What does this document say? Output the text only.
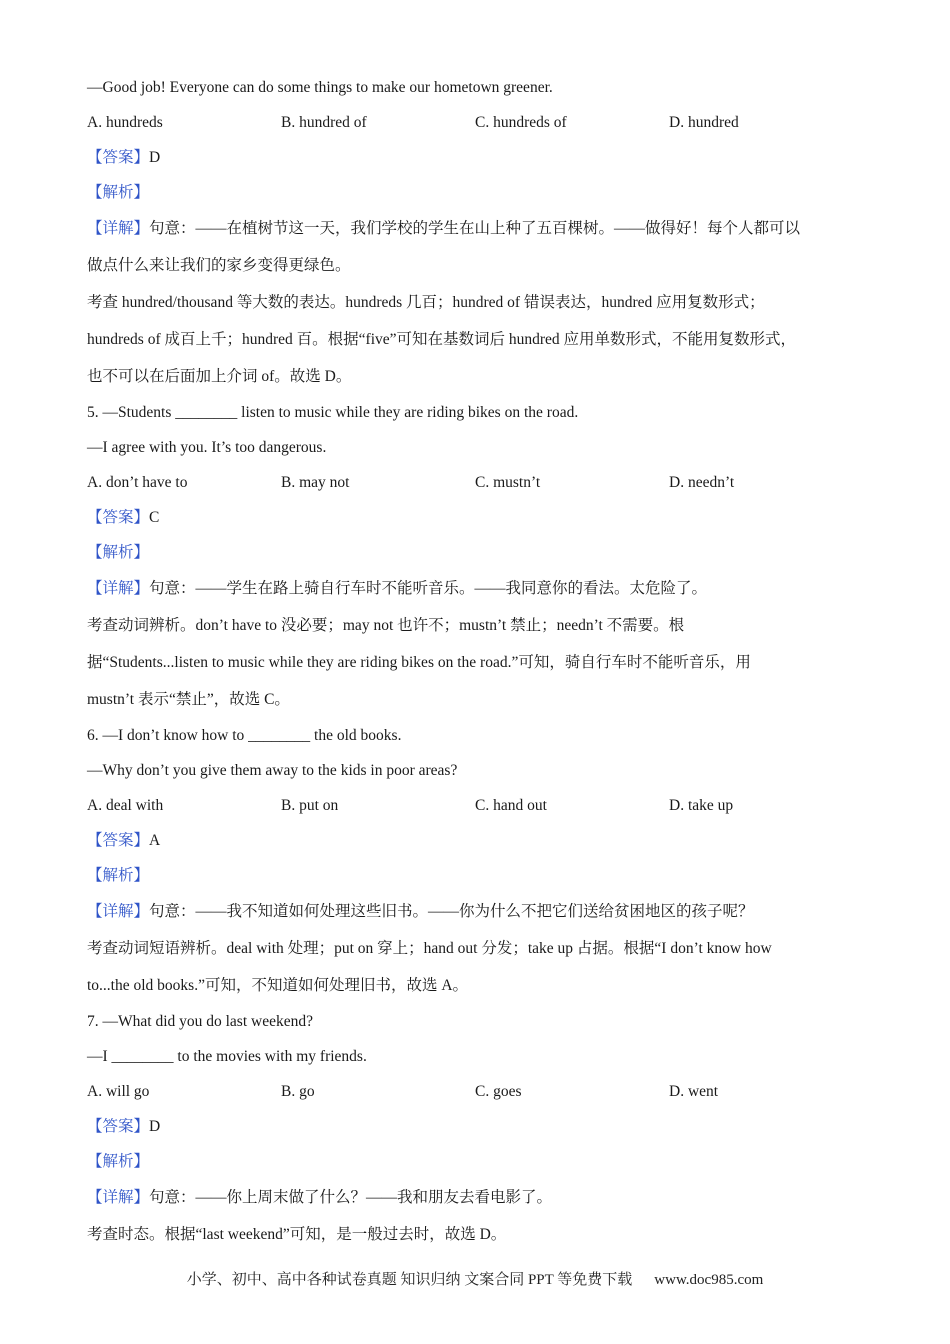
—Good job! Everyone can do some things to make our hometown greener.
A. hundreds	B. hundred of	C. hundreds of	D. hundred
【答案】D
【解析】
【详解】句意：——在植树节这一天，我们学校的学生在山上种了五百棵树。——做得好！每个人都可以
做点什么来让我们的家乡变得更绿色。
考查 hundred/thousand 等大数的表达。hundreds 几百；hundred of 错误表达，hundred 应用复数形式；
hundreds of 成百上千；hundred 百。根据“five”可知在基数词后 hundred 应用单数形式，不能用复数形式，
也不可以在后面加上介词 of。故选 D。
5. —Students ________ listen to music while they are riding bikes on the road.
—I agree with you. It’s too dangerous.
A. don’t have to	B. may not	C. mustn’t	D. needn’t
【答案】C
【解析】
【详解】句意：——学生在路上骑自行车时不能听音乐。——我同意你的看法。太危险了。
考查动词辨析。don’t have to 没必要；may not 也许不；mustn’t 禁止；needn’t 不需要。根
据“Students...listen to music while they are riding bikes on the road.”可知，骑自行车时不能听音乐，用
mustn’t 表示“禁止”，故选 C。
6. —I don’t know how to ________ the old books.
—Why don’t you give them away to the kids in poor areas?
A. deal with	B. put on	C. hand out	D. take up
【答案】A
【解析】
【详解】句意：——我不知道如何处理这些旧书。——你为什么不把它们送给贫困地区的孩子呢？
考查动词短语辨析。deal with 处理；put on 穿上；hand out 分发；take up 占据。根据“I don’t know how
to...the old books.”可知，不知道如何处理旧书，故选 A。
7. —What did you do last weekend?
—I ________ to the movies with my friends.
A. will go	B. go	C. goes	D. went
【答案】D
【解析】
【详解】句意：——你上周末做了什么？——我和朋友去看电影了。
考查时态。根据“last weekend”可知，是一般过去时，故选 D。
小学、初中、高中各种试卷真题 知识归纳 文案合同 PPT 等免费下载 www.doc985.com
